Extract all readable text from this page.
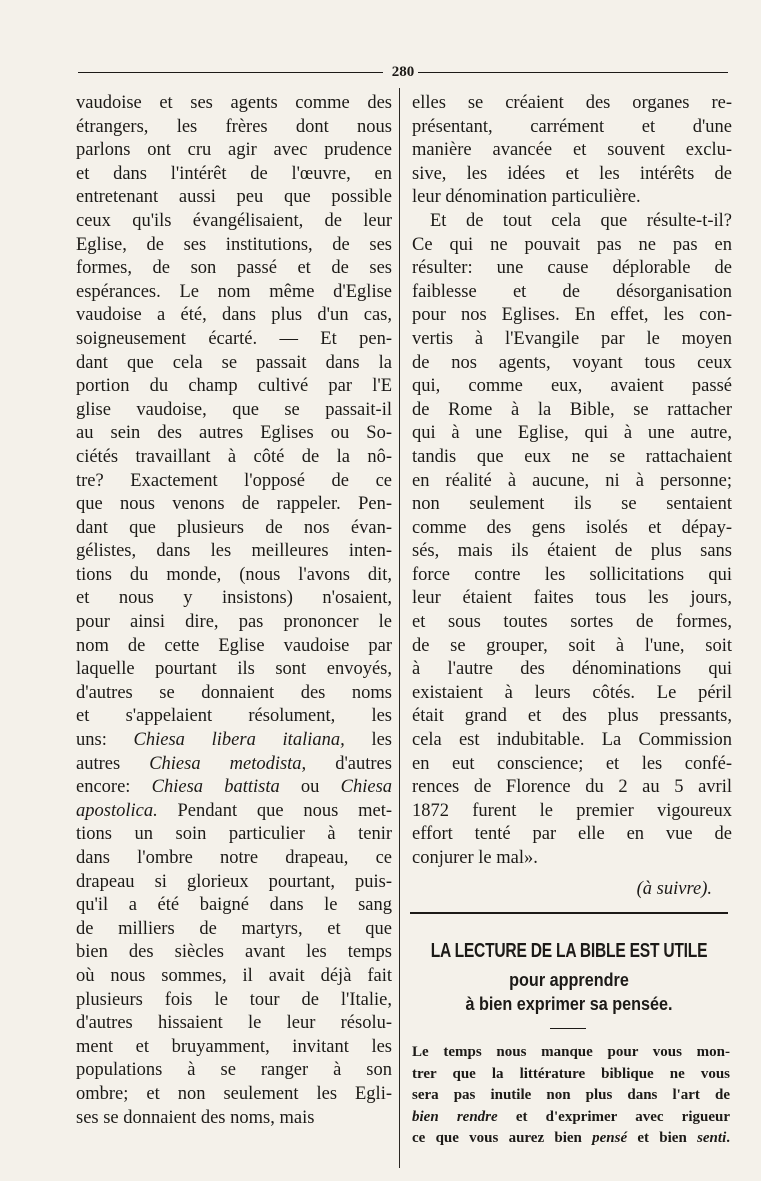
280
vaudoise et ses agents comme des
étrangers, les frères dont nous
parlons ont cru agir avec prudence
et dans l'intérêt de l'œuvre, en
entretenant aussi peu que possible
ceux qu'ils évangélisaient, de leur
Eglise, de ses institutions, de ses
formes, de son passé et de ses
espérances. Le nom même d'Eglise
vaudoise a été, dans plus d'un cas,
soigneusement écarté. — Et pen-
dant que cela se passait dans la
portion du champ cultivé par l'E
glise vaudoise, que se passait-il
au sein des autres Eglises ou So-
ciétés travaillant à côté de la nô-
tre? Exactement l'opposé de ce
que nous venons de rappeler. Pen-
dant que plusieurs de nos évan-
gélistes, dans les meilleures inten-
tions du monde, (nous l'avons dit,
et nous y insistons) n'osaient,
pour ainsi dire, pas prononcer le
nom de cette Eglise vaudoise par
laquelle pourtant ils sont envoyés,
d'autres se donnaient des noms
et s'appelaient résolument, les
uns: Chiesa libera italiana, les
autres Chiesa metodista, d'autres
encore: Chiesa battista ou Chiesa
apostolica. Pendant que nous met-
tions un soin particulier à tenir
dans l'ombre notre drapeau, ce
drapeau si glorieux pourtant, puis-
qu'il a été baigné dans le sang
de milliers de martyrs, et que
bien des siècles avant les temps
où nous sommes, il avait déjà fait
plusieurs fois le tour de l'Italie,
d'autres hissaient le leur résolu-
ment et bruyamment, invitant les
populations à se ranger à son
ombre; et non seulement les Egli-
ses se donnaient des noms, mais
elles se créaient des organes re-
présentant, carrément et d'une
manière avancée et souvent exclu-
sive, les idées et les intérêts de
leur dénomination particulière.
Et de tout cela que résulte-t-il?
Ce qui ne pouvait pas ne pas en
résulter: une cause déplorable de
faiblesse et de désorganisation
pour nos Eglises. En effet, les con-
vertis à l'Evangile par le moyen
de nos agents, voyant tous ceux
qui, comme eux, avaient passé
de Rome à la Bible, se rattacher
qui à une Eglise, qui à une autre,
tandis que eux ne se rattachaient
en réalité à aucune, ni à personne;
non seulement ils se sentaient
comme des gens isolés et dépay-
sés, mais ils étaient de plus sans
force contre les sollicitations qui
leur étaient faites tous les jours,
et sous toutes sortes de formes,
de se grouper, soit à l'une, soit
à l'autre des dénominations qui
existaient à leurs côtés. Le péril
était grand et des plus pressants,
cela est indubitable. La Commission
en eut conscience; et les confé-
rences de Florence du 2 au 5 avril
1872 furent le premier vigoureux
effort tenté par elle en vue de
conjurer le mal».
(à suivre).
LA LECTURE DE LA BIBLE EST UTILE
pour apprendre
à bien exprimer sa pensée.
Le temps nous manque pour vous mon-
trer que la littérature biblique ne vous
sera pas inutile non plus dans l'art de
bien rendre et d'exprimer avec rigueur
ce que vous aurez bien pensé et bien senti.
